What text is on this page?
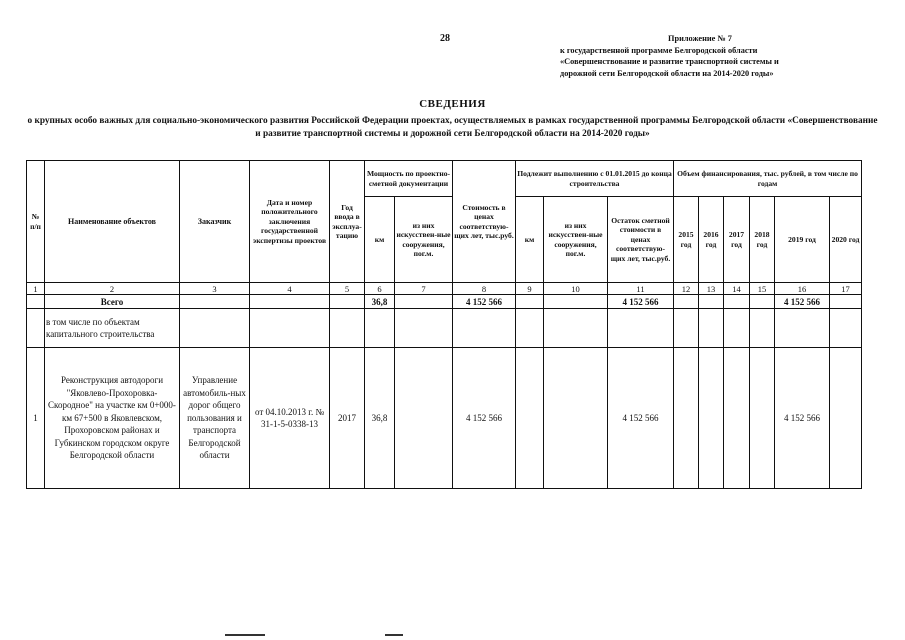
28	Приложение № 7
к государственной программе Белгородской области
«Совершенствование и развитие транспортной системы и
дорожной сети Белгородской области на 2014-2020 годы»
СВЕДЕНИЯ
о крупных особо важных для социально-экономического развития Российской Федерации проектах, осуществляемых в рамках государственной программы Белгородской области «Совершенствование и развитие транспортной системы и дорожной сети Белгородской области на 2014-2020 годы»
№ п/п	Наименование объектов	Заказчик	Дата и номер положительного заключения государственной экспертизы проектов	Год ввода в эксплуа-тацию	Мощность по проектно-сметной документации		Стоимость в ценах соответствую-щих лет, тыс.руб.	Подлежит выполнению с 01.01.2015 до конца строительства			Объем финансирования, тыс. рублей, в том числе по годам					
					км	из них искусствен-ные сооружения, пог.м.		км	из них искусствен-ные сооружения, пог.м.	Остаток сметной стоимости в ценах соответствую-щих лет, тыс.руб.	2015 год	2016 год	2017 год	2018 год	2019 год	2020 год
1	2	3	4	5	6	7	8	9	10	11	12	13	14	15	16	17
	Всего				36,8		4 152 566			4 152 566					4 152 566	
	в том числе по объектам капитального строительства															
1	Реконструкция автодороги "Яковлево-Прохоровка-Скородное" на участке км 0+000-км 67+500 в Яковлевском, Прохоровском районах и Губкинском городском округе Белгородской области	Управление автомобиль-ных дорог общего пользования и транспорта Белгородской области	от 04.10.2013 г. № 31-1-5-0338-13	2017	36,8		4 152 566			4 152 566					4 152 566	
